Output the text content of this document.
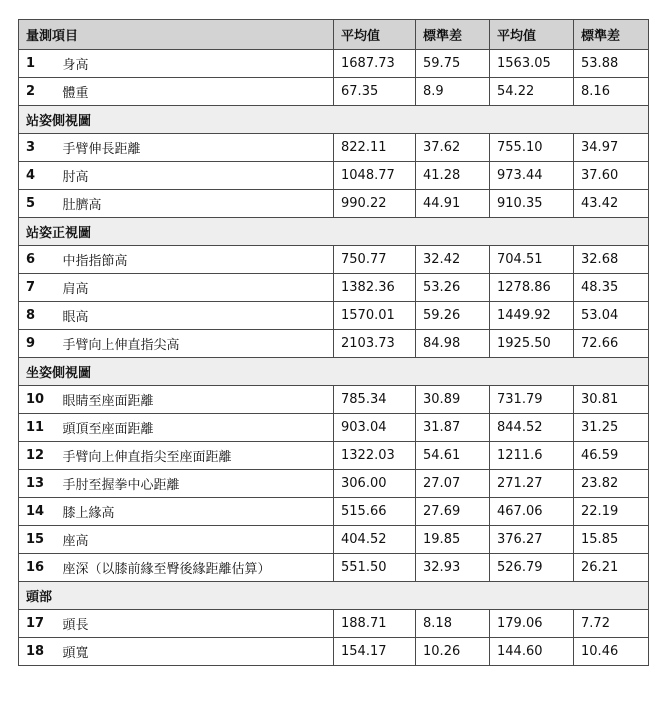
量測項目		平均值	標準差	平均值	標準差
1	身高	1687.73	59.75	1563.05	53.88
2	體重	67.35	8.9	54.22	8.16
站姿側視圖					
3	手臂伸長距離	822.11	37.62	755.10	34.97
4	肘高	1048.77	41.28	973.44	37.60
5	肚臍高	990.22	44.91	910.35	43.42
站姿正視圖					
6	中指指節高	750.77	32.42	704.51	32.68
7	肩高	1382.36	53.26	1278.86	48.35
8	眼高	1570.01	59.26	1449.92	53.04
9	手臂向上伸直指尖高	2103.73	84.98	1925.50	72.66
坐姿側視圖					
10	眼睛至座面距離	785.34	30.89	731.79	30.81
11	頭頂至座面距離	903.04	31.87	844.52	31.25
12	手臂向上伸直指尖至座面距離	1322.03	54.61	1211.6	46.59
13	手肘至握拳中心距離	306.00	27.07	271.27	23.82
14	膝上緣高	515.66	27.69	467.06	22.19
15	座高	404.52	19.85	376.27	15.85
16	座深（以膝前緣至臀後緣距離估算）	551.50	32.93	526.79	26.21
頭部					
17	頭長	188.71	8.18	179.06	7.72
18	頭寬	154.17	10.26	144.60	10.46
